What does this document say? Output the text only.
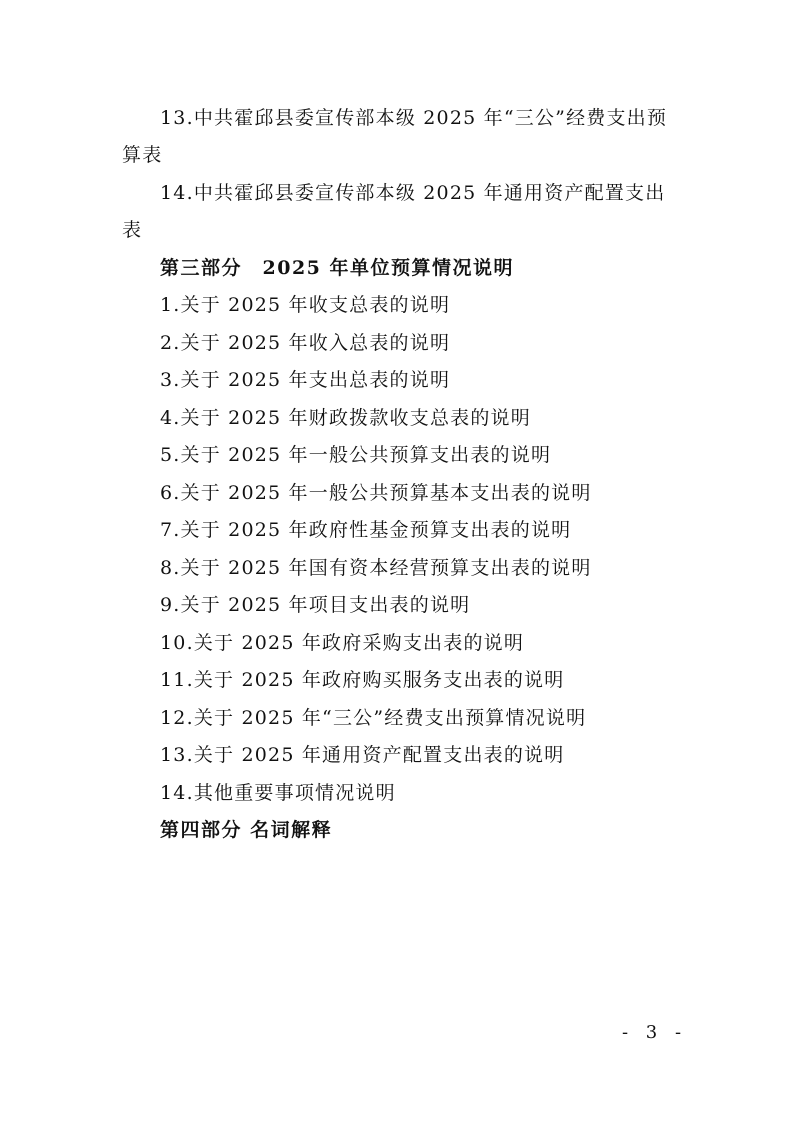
13.中共霍邱县委宣传部本级 2025 年“三公”经费支出预
算表
14.中共霍邱县委宣传部本级 2025 年通用资产配置支出
表
第三部分　2025 年单位预算情况说明
1.关于 2025 年收支总表的说明
2.关于 2025 年收入总表的说明
3.关于 2025 年支出总表的说明
4.关于 2025 年财政拨款收支总表的说明
5.关于 2025 年一般公共预算支出表的说明
6.关于 2025 年一般公共预算基本支出表的说明
7.关于 2025 年政府性基金预算支出表的说明
8.关于 2025 年国有资本经营预算支出表的说明
9.关于 2025 年项目支出表的说明
10.关于 2025 年政府采购支出表的说明
11.关于 2025 年政府购买服务支出表的说明
12.关于 2025 年“三公”经费支出预算情况说明
13.关于 2025 年通用资产配置支出表的说明
14.其他重要事项情况说明
第四部分 名词解释
- 3 -
